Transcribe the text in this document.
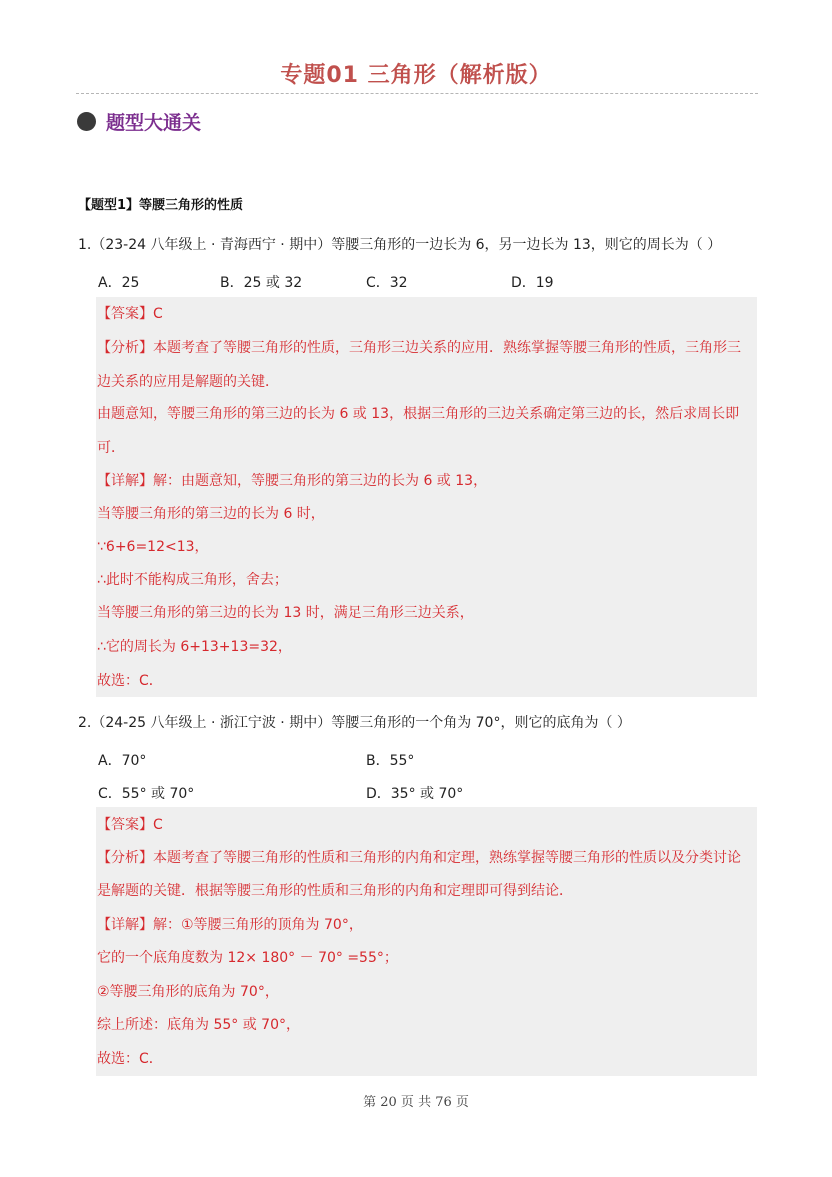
专题01 三角形（解析版）
题型大通关
【题型1】等腰三角形的性质
1.（23-24 八年级上 · 青海西宁 · 期中）等腰三角形的一边长为 6，另一边长为 13，则它的周长为（ ）
A．25	B．25 或 32	C．32	D．19
【答案】C
【分析】本题考查了等腰三角形的性质，三角形三边关系的应用．熟练掌握等腰三角形的性质，三角形三
边关系的应用是解题的关键．
由题意知，等腰三角形的第三边的长为 6 或 13，根据三角形的三边关系确定第三边的长，然后求周长即
可．
【详解】解：由题意知，等腰三角形的第三边的长为 6 或 13，
当等腰三角形的第三边的长为 6 时，
∵6+6=12<13，
∴此时不能构成三角形，舍去；
当等腰三角形的第三边的长为 13 时，满足三角形三边关系，
∴它的周长为 6+13+13=32，
故选：C．
2.（24-25 八年级上 · 浙江宁波 · 期中）等腰三角形的一个角为 70°，则它的底角为（ ）
A．70°	B．55°
C．55° 或 70°	D．35° 或 70°
【答案】C
【分析】本题考查了等腰三角形的性质和三角形的内角和定理，熟练掌握等腰三角形的性质以及分类讨论
是解题的关键．根据等腰三角形的性质和三角形的内角和定理即可得到结论．
【详解】解：①等腰三角形的顶角为 70°，
它的一个底角度数为 12× 180° － 70° =55°；
②等腰三角形的底角为 70°，
综上所述：底角为 55° 或 70°，
故选：C．
第 20 页 共 76 页
